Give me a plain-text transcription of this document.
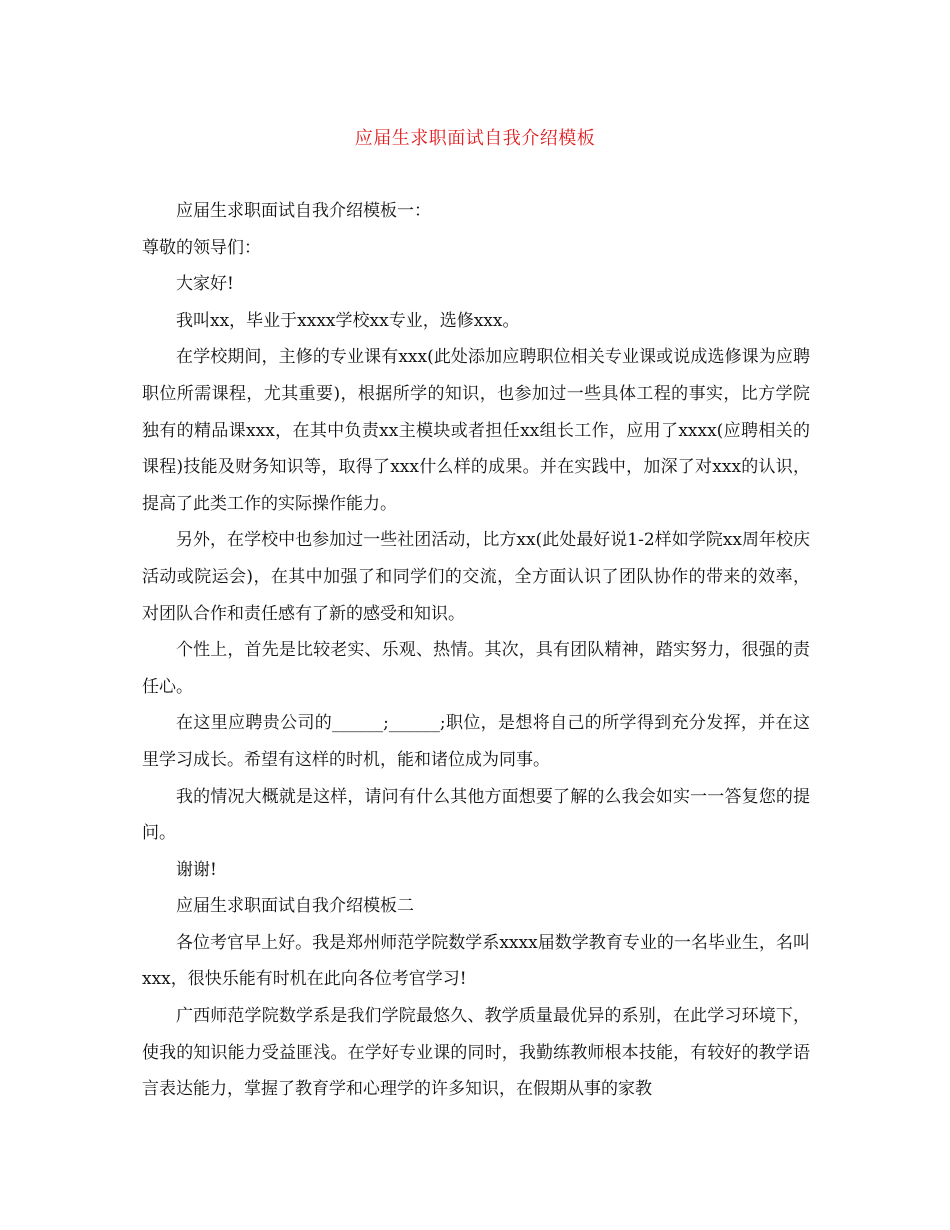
应届生求职面试自我介绍模板

应届生求职面试自我介绍模板一：

尊敬的领导们：

大家好!

我叫xx，毕业于xxxx学校xx专业，选修xxx。

在学校期间，主修的专业课有xxx(此处添加应聘职位相关专业课或说成选修课为应聘职位所需课程，尤其重要)，根据所学的知识，也参加过一些具体工程的事实，比方学院独有的精品课xxx，在其中负责xx主模块或者担任xx组长工作，应用了xxxx(应聘相关的课程)技能及财务知识等，取得了xxx什么样的成果。并在实践中，加深了对xxx的认识，提高了此类工作的实际操作能力。

另外，在学校中也参加过一些社团活动，比方xx(此处最好说1-2样如学院xx周年校庆活动或院运会)，在其中加强了和同学们的交流，全方面认识了团队协作的带来的效率，对团队合作和责任感有了新的感受和知识。

个性上，首先是比较老实、乐观、热情。其次，具有团队精神，踏实努力，很强的责任心。

在这里应聘贵公司的______;______;职位，是想将自己的所学得到充分发挥，并在这里学习成长。希望有这样的时机，能和诸位成为同事。

我的情况大概就是这样，请问有什么其他方面想要了解的么我会如实一一答复您的提问。

谢谢!

应届生求职面试自我介绍模板二

各位考官早上好。我是郑州师范学院数学系xxxx届数学教育专业的一名毕业生，名叫xxx，很快乐能有时机在此向各位考官学习!

广西师范学院数学系是我们学院最悠久、教学质量最优异的系别，在此学习环境下，使我的知识能力受益匪浅。在学好专业课的同时，我勤练教师根本技能，有较好的教学语言表达能力，掌握了教育学和心理学的许多知识，在假期从事的家教
